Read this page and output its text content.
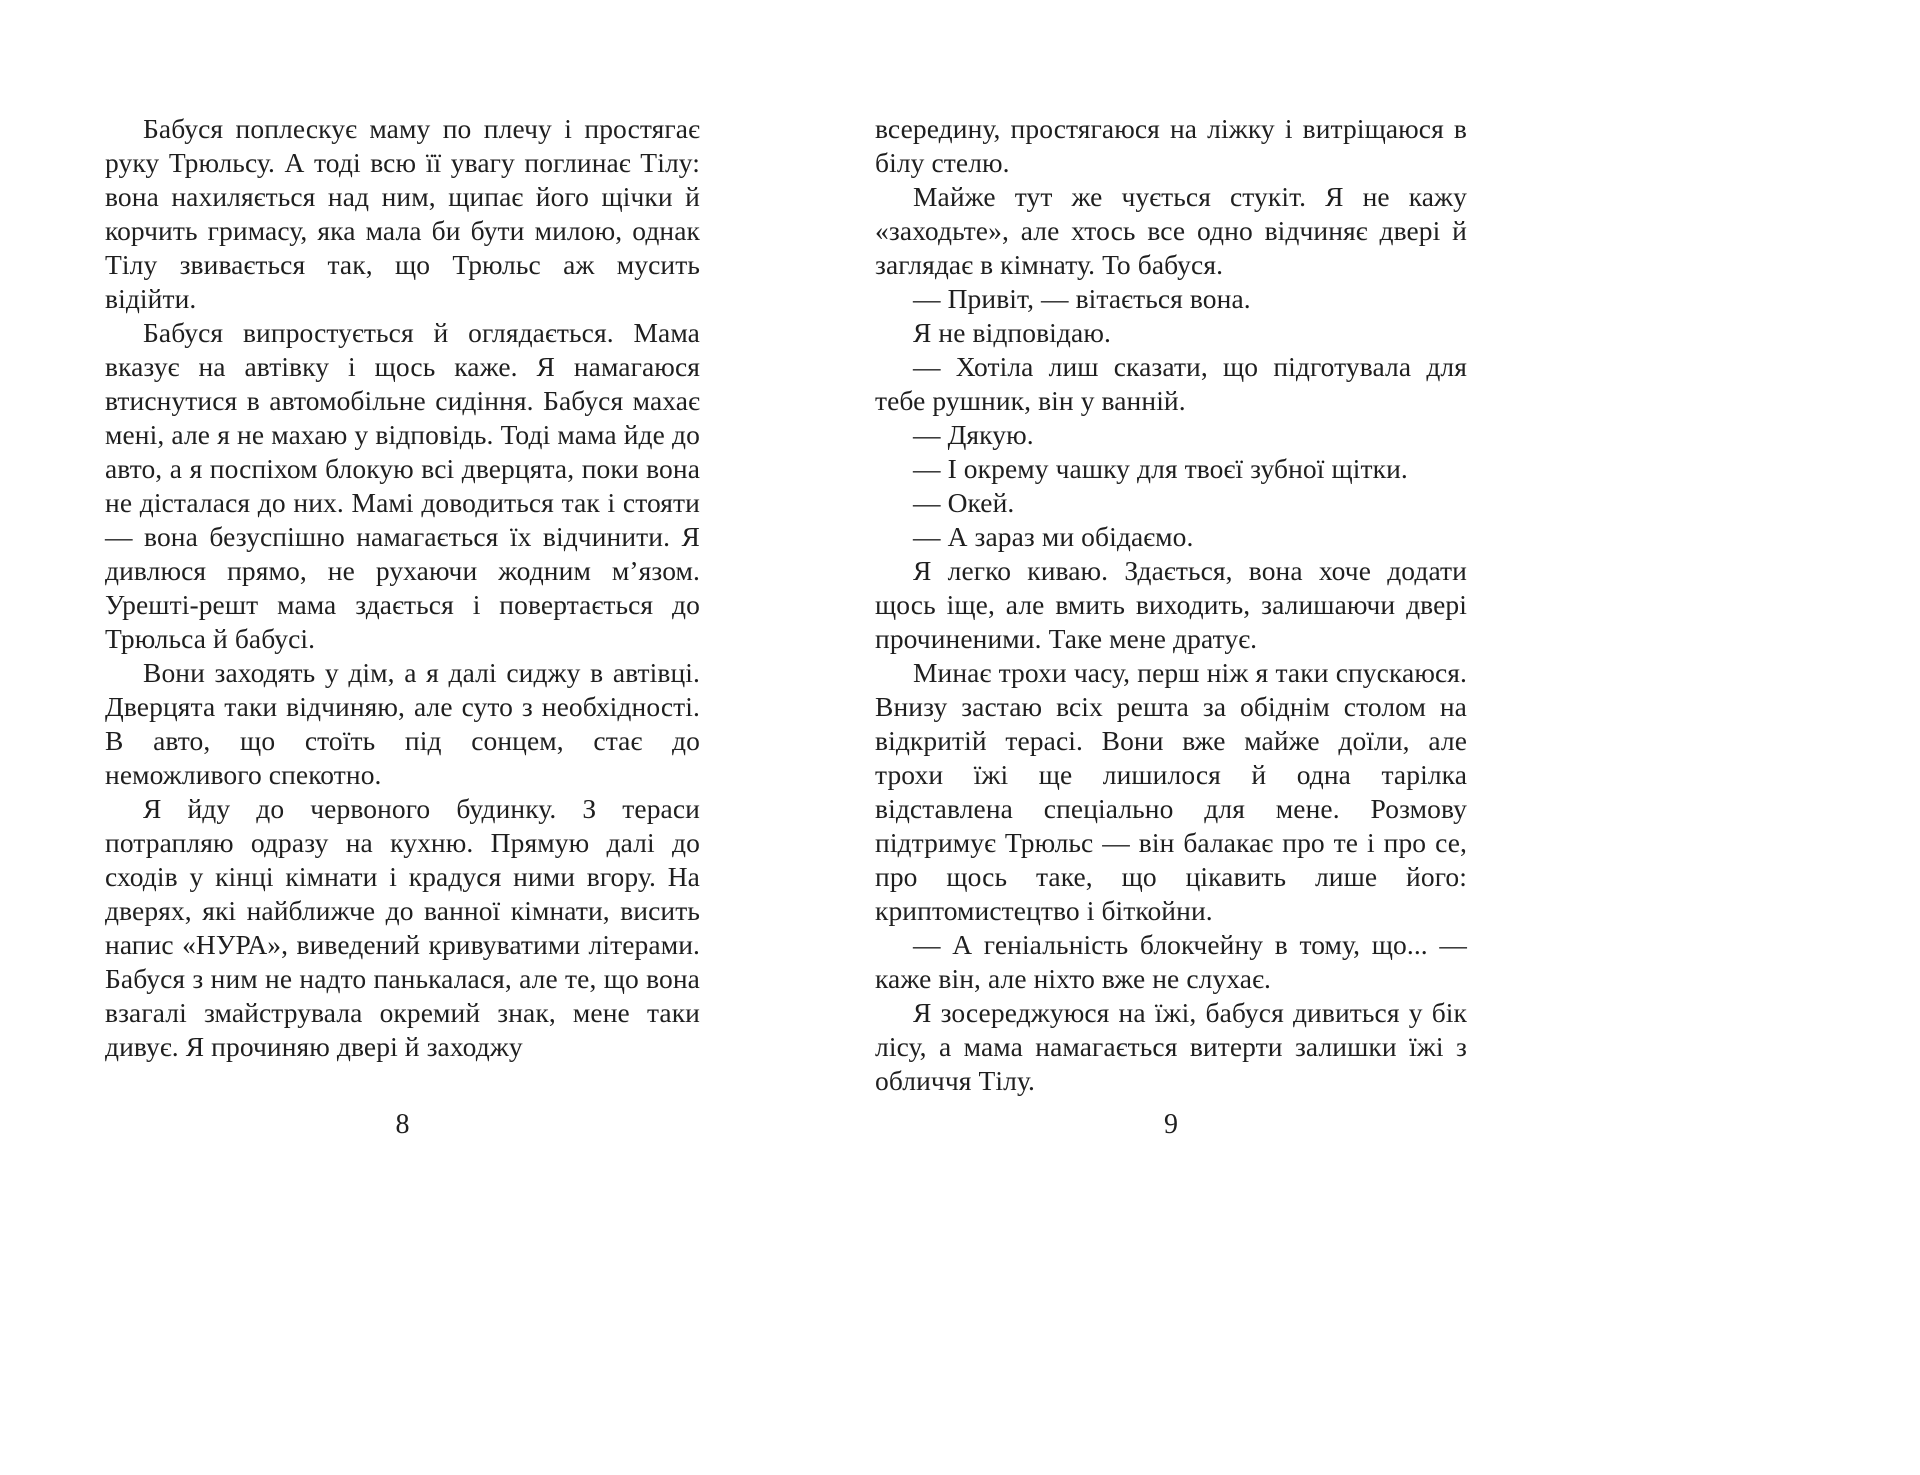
Бабуся поплескує маму по плечу і простягає руку Трюльсу. А тоді всю її увагу поглинає Тілу: вона нахиляється над ним, щипає його щічки й корчить гримасу, яка мала би бути милою, однак Тілу звивається так, що Трюльс аж мусить відійти.

Бабуся випростується й оглядається. Мама вказує на автівку і щось каже. Я намагаюся втиснутися в автомобільне сидіння. Бабуся махає мені, але я не махаю у відповідь. Тоді мама йде до авто, а я поспіхом блокую всі дверцята, поки вона не дісталася до них. Мамі доводиться так і стояти — вона безуспішно намагається їх відчинити. Я дивлюся прямо, не рухаючи жодним м’язом. Урешті-решт мама здається і повертається до Трюльса й бабусі.

Вони заходять у дім, а я далі сиджу в автівці. Дверцята таки відчиняю, але суто з необхідності. В авто, що стоїть під сонцем, стає до неможливого спекотно.

Я йду до червоного будинку. З тераси потрапляю одразу на кухню. Прямую далі до сходів у кінці кімнати і крадуся ними вгору. На дверях, які найближче до ванної кімнати, висить напис «НУРА», виведений кривуватими літерами. Бабуся з ним не надто панькалася, але те, що вона взагалі змайструвала окремий знак, мене таки дивує. Я прочиняю двері й заходжу

8

всередину, простягаюся на ліжку і витріщаюся в білу стелю.

Майже тут же чується стукіт. Я не кажу «заходьте», але хтось все одно відчиняє двері й заглядає в кімнату. То бабуся.

— Привіт, — вітається вона.

Я не відповідаю.

— Хотіла лиш сказати, що підготувала для тебе рушник, він у ванній.

— Дякую.

— І окрему чашку для твоєї зубної щітки.

— Окей.

— А зараз ми обідаємо.

Я легко киваю. Здається, вона хоче додати щось іще, але вмить виходить, залишаючи двері прочиненими. Таке мене дратує.

Минає трохи часу, перш ніж я таки спускаюся. Внизу застаю всіх решта за обіднім столом на відкритій терасі. Вони вже майже доїли, але трохи їжі ще лишилося й одна тарілка відставлена спеціально для мене. Розмову підтримує Трюльс — він балакає про те і про се, про щось таке, що цікавить лише його: криптомистецтво і біткойни.

— А геніальність блокчейну в тому, що... — каже він, але ніхто вже не слухає.

Я зосереджуюся на їжі, бабуся дивиться у бік лісу, а мама намагається витерти залишки їжі з обличчя Тілу.

9
